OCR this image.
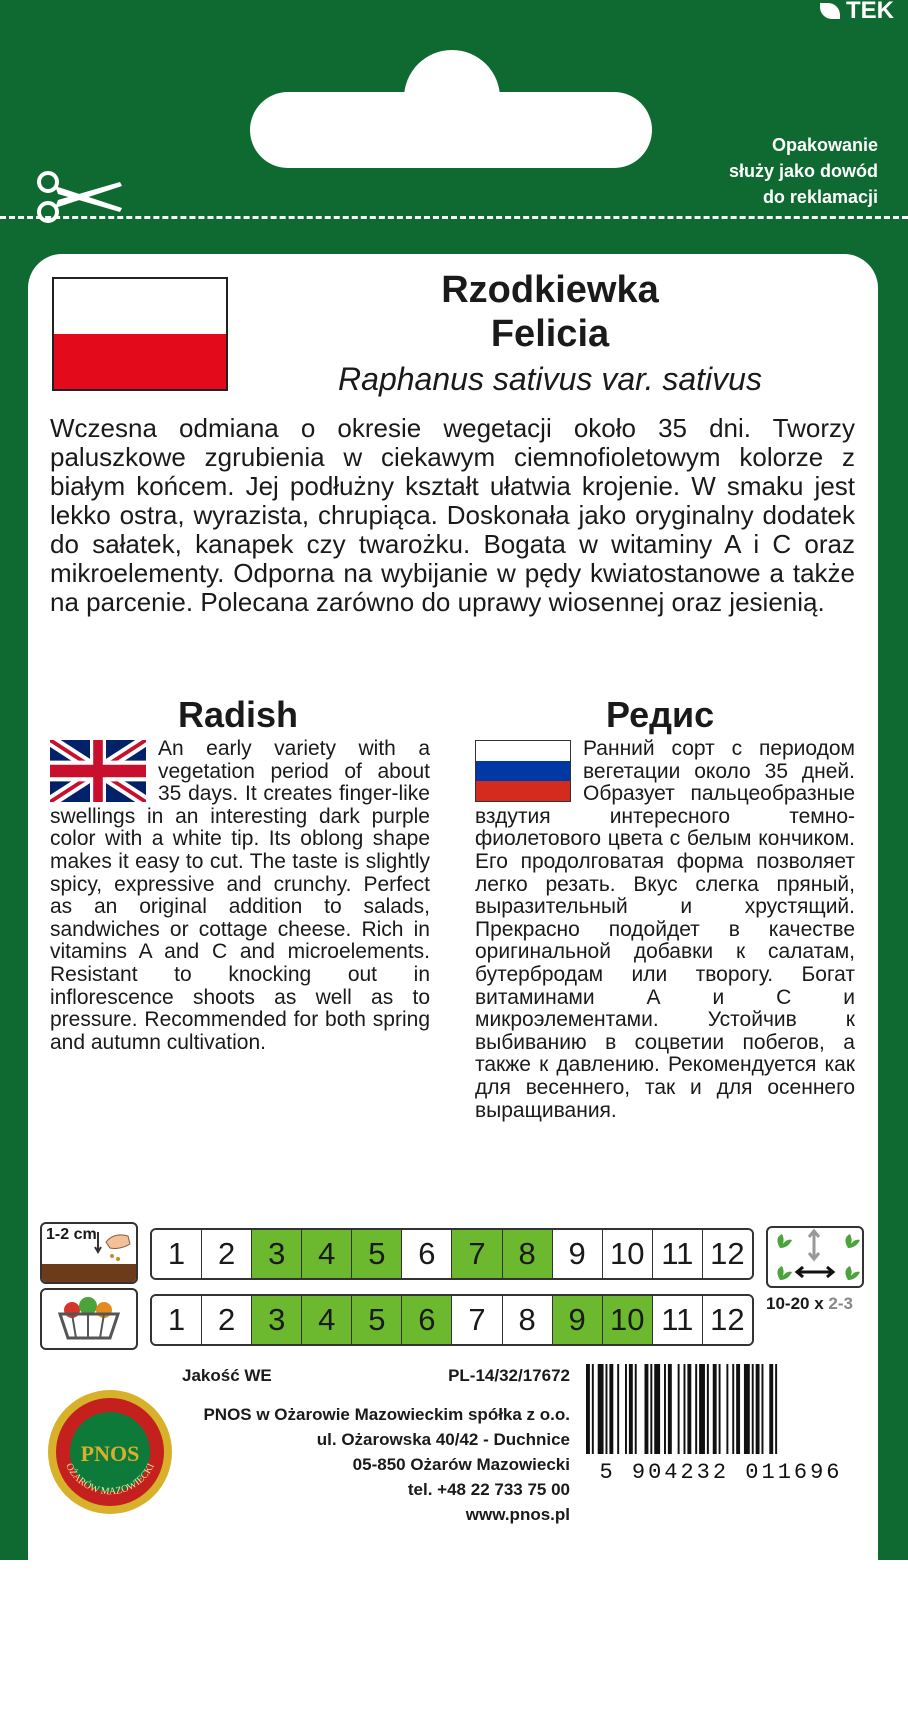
TEK
Opakowanie
służy jako dowód
do reklamacji
Rzodkiewka
Felicia
Raphanus sativus var. sativus
Wczesna odmiana o okresie wegetacji około 35 dni. Tworzy paluszkowe zgrubienia w ciekawym ciemnofioletowym kolorze z białym końcem. Jej podłużny kształt ułatwia krojenie. W smaku jest lekko ostra, wyrazista, chrupiąca. Doskonała jako oryginalny dodatek do sałatek, kanapek czy twarożku. Bogata w witaminy A i C oraz mikroelementy. Odporna na wybijanie w pędy kwiatostanowe a także na parcenie. Polecana zarówno do uprawy wiosennej oraz jesienią.
Radish	Редис
An early variety with a vegetation period of about 35 days. It creates finger-like swellings in an interesting dark purple color with a white tip. Its oblong shape makes it easy to cut. The taste is slightly spicy, expressive and crunchy. Perfect as an original addition to salads, sandwiches or cottage cheese. Rich in vitamins A and C and microelements. Resistant to knocking out in inflorescence shoots as well as to pressure. Recommended for both spring and autumn cultivation.
Ранний сорт с периодом вегетации около 35 дней. Образует пальцеобразные вздутия интересного темно-фиолетового цвета с белым кончиком. Его продолговатая форма позволяет легко резать. Вкус слегка пряный, выразительный и хрустящий. Прекрасно подойдет в качестве оригинальной добавки к салатам, бутербродам или творогу. Богат витаминами А и С и микроэлементами. Устойчив к выбиванию в соцветии побегов, а также к давлению. Рекомендуется как для весеннего, так и для осеннего выращивания.
1-2 cm
1	2	3	4	5	6	7	8	9 10 11 12
1	2	3	4	5	6	7	8	9 10 11 12	10-20 x 2-3
PNOS
OŻARÓW MAZOWIECKI
Jakość WE	PL-14/32/17672
PNOS w Ożarowie Mazowieckim spółka z o.o.
ul. Ożarowska 40/42 - Duchnice
05-850 Ożarów Mazowiecki
tel. +48 22 733 75 00
www.pnos.pl
5 904232 011696
